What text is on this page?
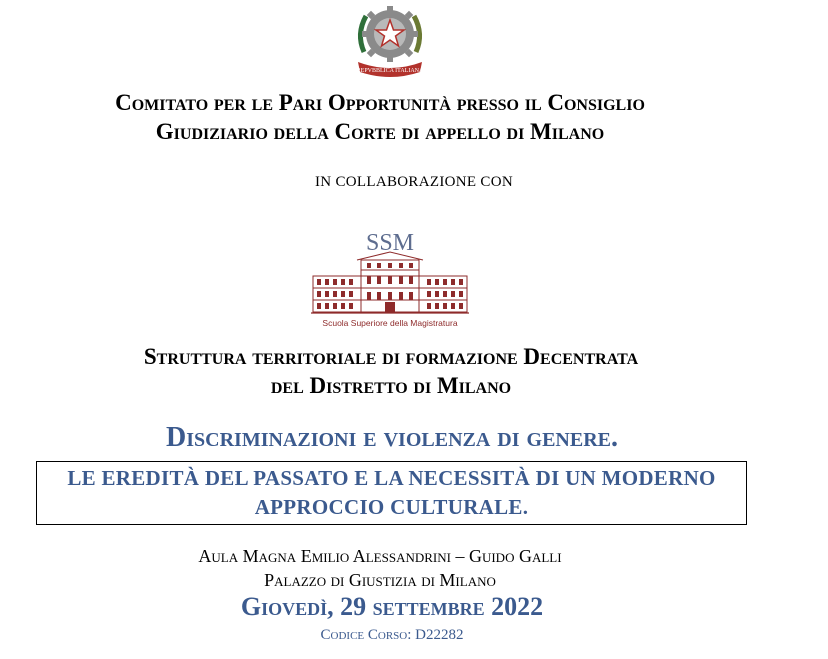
REPVBBLICA ITALIANA
Comitato per le Pari Opportunità presso il Consiglio
Giudiziario della Corte di appello di Milano
IN COLLABORAZIONE CON
SSM
Scuola Superiore della Magistratura
Struttura territoriale di formazione Decentrata
del Distretto di Milano
Discriminazioni e violenza di genere.
LE EREDITÀ DEL PASSATO E LA NECESSITÀ DI UN MODERNO
APPROCCIO CULTURALE.
Aula Magna Emilio Alessandrini – Guido Galli
Palazzo di Giustizia di Milano
Giovedì, 29 settembre 2022
Codice Corso: D22282
